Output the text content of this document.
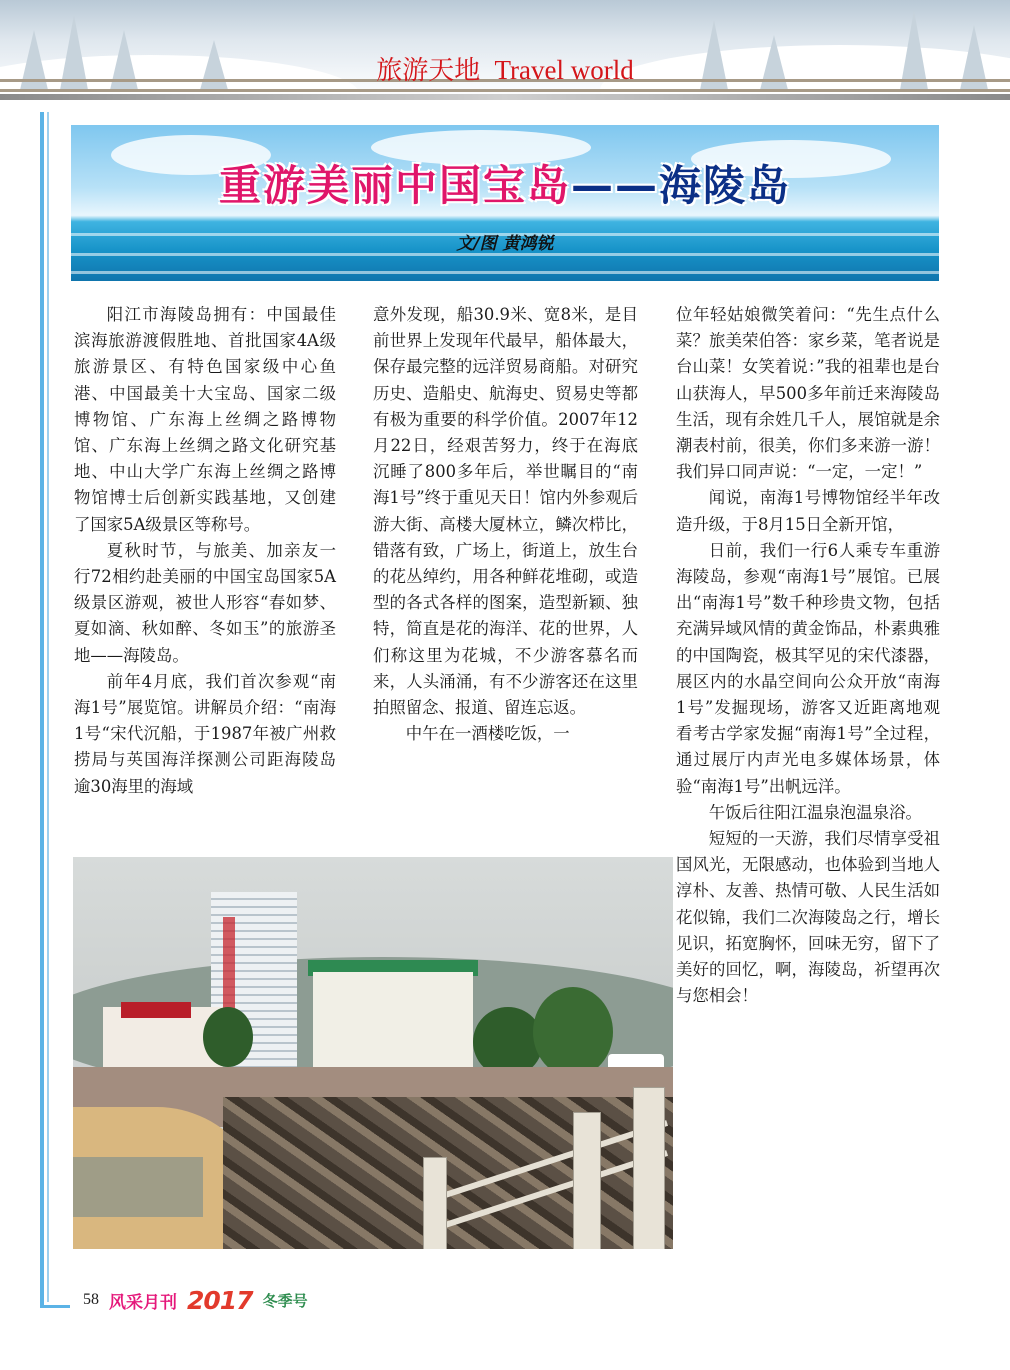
旅游天地 Travel world
重游美丽中国宝岛——海陵岛
文/图 黄鸿锐

阳江市海陵岛拥有：中国最佳滨海旅游渡假胜地、首批国家4A级旅游景区、有特色国家级中心鱼港、中国最美十大宝岛、国家二级博物馆、广东海上丝绸之路博物馆、广东海上丝绸之路文化研究基地、中山大学广东海上丝绸之路博物馆博士后创新实践基地，又创建了国家5A级景区等称号。

夏秋时节，与旅美、加亲友一行72相约赴美丽的中国宝岛国家5A级景区游观，被世人形容“春如梦、夏如滴、秋如醉、冬如玉”的旅游圣地——海陵岛。

前年4月底，我们首次参观“南海1号”展览馆。讲解员介绍：“南海1号“宋代沉船，于1987年被广州救捞局与英国海洋探测公司距海陵岛逾30海里的海域

意外发现，船30.9米、宽8米，是目前世界上发现年代最早，船体最大，保存最完整的远洋贸易商船。对研究历史、造船史、航海史、贸易史等都有极为重要的科学价值。2007年12月22日，经艰苦努力，终于在海底沉睡了800多年后，举世瞩目的“南海1号”终于重见天日！馆内外参观后游大街、高楼大厦林立，鳞次栉比，错落有致，广场上，街道上，放生台的花丛绰约，用各种鲜花堆砌，或造型的各式各样的图案，造型新颖、独特，简直是花的海洋、花的世界，人们称这里为花城，不少游客慕名而来，人头涌涌，有不少游客还在这里拍照留念、报道、留连忘返。

中午在一酒楼吃饭，一

位年轻姑娘微笑着问：“先生点什么菜？旅美荣伯答：家乡菜，笔者说是台山菜！女笑着说：”我的祖辈也是台山获海人，早500多年前迁来海陵岛生活，现有余姓几千人，展馆就是余潮表村前，很美，你们多来游一游！我们异口同声说：“一定，一定！”

闻说，南海1号博物馆经半年改造升级，于8月15日全新开馆，

日前，我们一行6人乘专车重游海陵岛，参观“南海1号”展馆。已展出“南海1号”数千种珍贵文物，包括充满异域风情的黄金饰品，朴素典雅的中国陶瓷，极其罕见的宋代漆器，展区内的水晶空间向公众开放“南海1号”发掘现场，游客又近距离地观看考古学家发掘“南海1号”全过程，通过展厅内声光电多媒体场景，体验“南海1号”出帆远洋。

午饭后往阳江温泉泡温泉浴。

短短的一天游，我们尽情享受祖国风光，无限感动，也体验到当地人淳朴、友善、热情可敬、人民生活如花似锦，我们二次海陵岛之行，增长见识，拓宽胸怀，回味无穷，留下了美好的回忆，啊，海陵岛，祈望再次与您相会！

58 风采月刊 2017 冬季号
